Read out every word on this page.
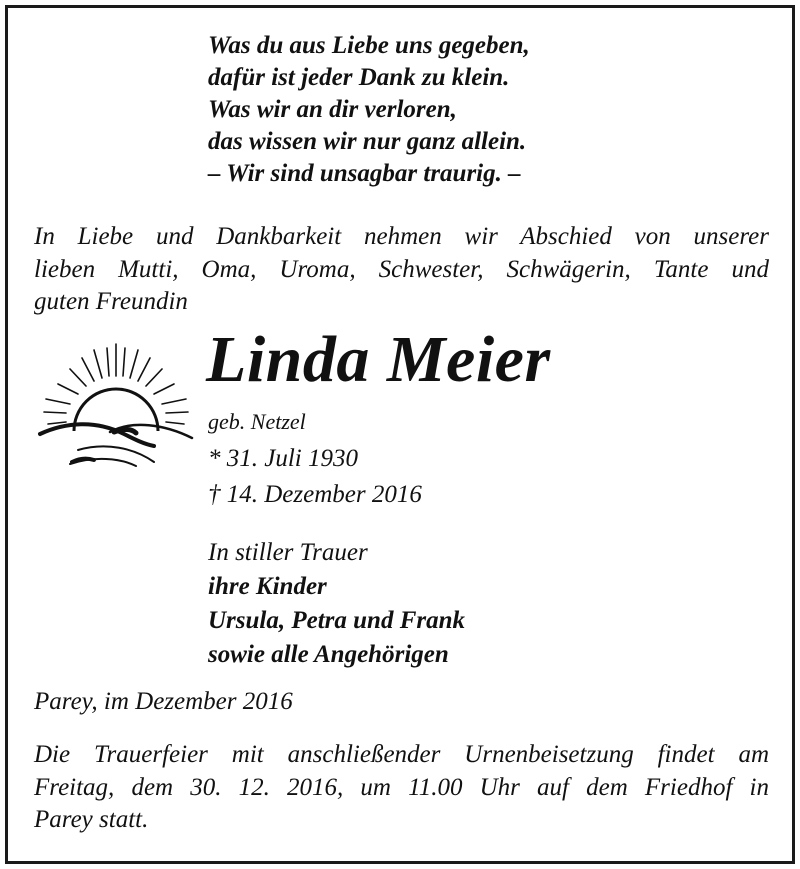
Was du aus Liebe uns gegeben,
dafür ist jeder Dank zu klein.
Was wir an dir verloren,
das wissen wir nur ganz allein.
– Wir sind unsagbar traurig. –
In Liebe und Dankbarkeit nehmen wir Abschied von unserer
lieben Mutti, Oma, Uroma, Schwester, Schwägerin, Tante und
guten Freundin
Linda Meier
geb. Netzel
* 31. Juli 1930
† 14. Dezember 2016
In stiller Trauer
ihre Kinder
Ursula, Petra und Frank
sowie alle Angehörigen
Parey, im Dezember 2016
Die Trauerfeier mit anschließender Urnenbeisetzung findet am
Freitag, dem 30. 12. 2016, um 11.00 Uhr auf dem Friedhof in
Parey statt.
